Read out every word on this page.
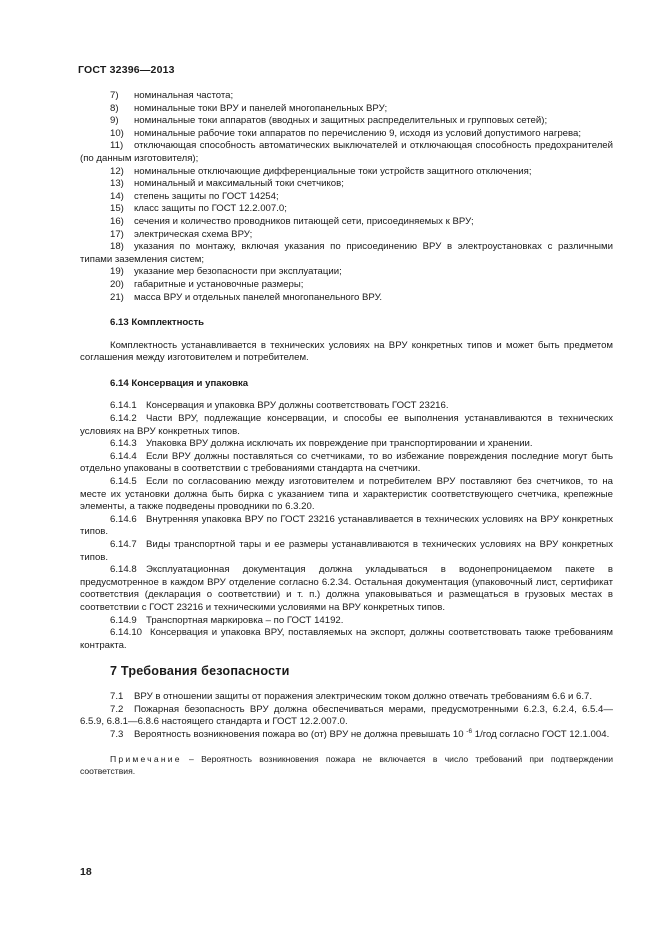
ГОСТ 32396—2013

7) номинальная частота;

8) номинальные токи ВРУ и панелей многопанельных ВРУ;

9) номинальные токи аппаратов (вводных и защитных распределительных и групповых сетей);

10) номинальные рабочие токи аппаратов по перечислению 9, исходя из условий допустимого нагрева;

11) отключающая способность автоматических выключателей и отключающая способность предохранителей (по данным изготовителя);

12) номинальные отключающие дифференциальные токи устройств защитного отключения;

13) номинальный и максимальный токи счетчиков;

14) степень защиты по ГОСТ 14254;

15) класс защиты по ГОСТ 12.2.007.0;

16) сечения и количество проводников питающей сети, присоединяемых к ВРУ;

17) электрическая схема ВРУ;

18) указания по монтажу, включая указания по присоединению ВРУ в электроустановках с различными типами заземления систем;

19) указание мер безопасности при эксплуатации;

20) габаритные и установочные размеры;

21) масса ВРУ и отдельных панелей многопанельного ВРУ.

6.13 Комплектность

Комплектность устанавливается в технических условиях на ВРУ конкретных типов и может быть предметом соглашения между изготовителем и потребителем.

6.14 Консервация и упаковка

6.14.1 Консервация и упаковка ВРУ должны соответствовать ГОСТ 23216.

6.14.2 Части ВРУ, подлежащие консервации, и способы ее выполнения устанавливаются в технических условиях на ВРУ конкретных типов.

6.14.3 Упаковка ВРУ должна исключать их повреждение при транспортировании и хранении.

6.14.4 Если ВРУ должны поставляться со счетчиками, то во избежание повреждения последние могут быть отдельно упакованы в соответствии с требованиями стандарта на счетчики.

6.14.5 Если по согласованию между изготовителем и потребителем ВРУ поставляют без счетчиков, то на месте их установки должна быть бирка с указанием типа и характеристик соответствующего счетчика, крепежные элементы, а также подведены проводники по 6.3.20.

6.14.6 Внутренняя упаковка ВРУ по ГОСТ 23216 устанавливается в технических условиях на ВРУ конкретных типов.

6.14.7 Виды транспортной тары и ее размеры устанавливаются в технических условиях на ВРУ конкретных типов.

6.14.8 Эксплуатационная документация должна укладываться в водонепроницаемом пакете в предусмотренное в каждом ВРУ отделение согласно 6.2.34. Остальная документация (упаковочный лист, сертификат соответствия (декларация о соответствии) и т. п.) должна упаковываться и размещаться в грузовых местах в соответствии с ГОСТ 23216 и техническими условиями на ВРУ конкретных типов.

6.14.9 Транспортная маркировка – по ГОСТ 14192.

6.14.10 Консервация и упаковка ВРУ, поставляемых на экспорт, должны соответствовать также требованиям контракта.

7 Требования безопасности

7.1 ВРУ в отношении защиты от поражения электрическим током должно отвечать требованиям 6.6 и 6.7.

7.2 Пожарная безопасность ВРУ должна обеспечиваться мерами, предусмотренными 6.2.3, 6.2.4, 6.5.4—6.5.9, 6.8.1—6.8.6 настоящего стандарта и ГОСТ 12.2.007.0.

7.3 Вероятность возникновения пожара во (от) ВРУ не должна превышать 10 $^{-6}$ 1/год согласно ГОСТ 12.1.004.

Примечание – Вероятность возникновения пожара не включается в число требований при подтверждении соответствия.

18
